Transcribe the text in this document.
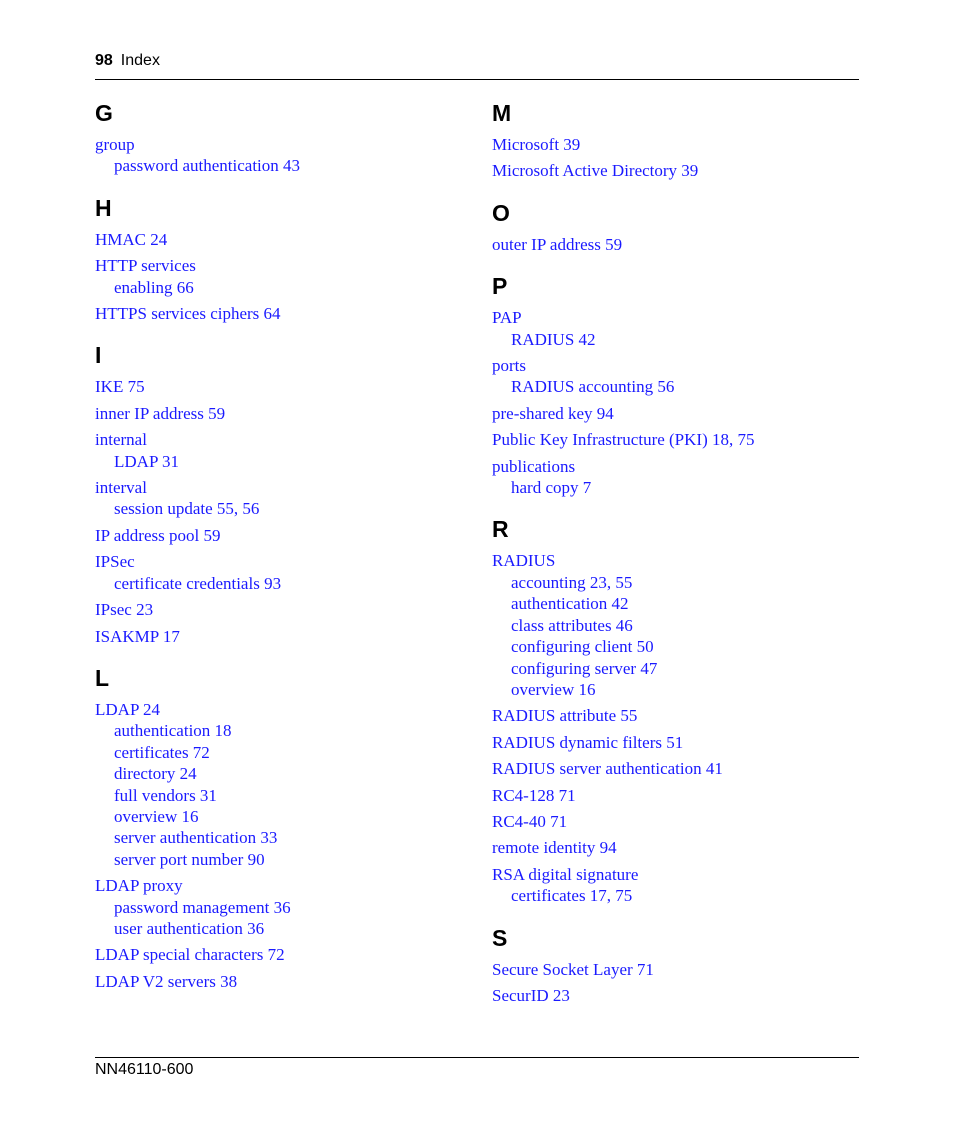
98 Index
G
group
password authentication 43
H
HMAC 24
HTTP services
enabling 66
HTTPS services ciphers 64
I
IKE 75
inner IP address 59
internal
LDAP 31
interval
session update 55, 56
IP address pool 59
IPSec
certificate credentials 93
IPsec 23
ISAKMP 17
L
LDAP 24
authentication 18
certificates 72
directory 24
full vendors 31
overview 16
server authentication 33
server port number 90
LDAP proxy
password management 36
user authentication 36
LDAP special characters 72
LDAP V2 servers 38
M
Microsoft 39
Microsoft Active Directory 39
O
outer IP address 59
P
PAP
RADIUS 42
ports
RADIUS accounting 56
pre-shared key 94
Public Key Infrastructure (PKI) 18, 75
publications
hard copy 7
R
RADIUS
accounting 23, 55
authentication 42
class attributes 46
configuring client 50
configuring server 47
overview 16
RADIUS attribute 55
RADIUS dynamic filters 51
RADIUS server authentication 41
RC4-128 71
RC4-40 71
remote identity 94
RSA digital signature
certificates 17, 75
S
Secure Socket Layer 71
SecurID 23
NN46110-600
